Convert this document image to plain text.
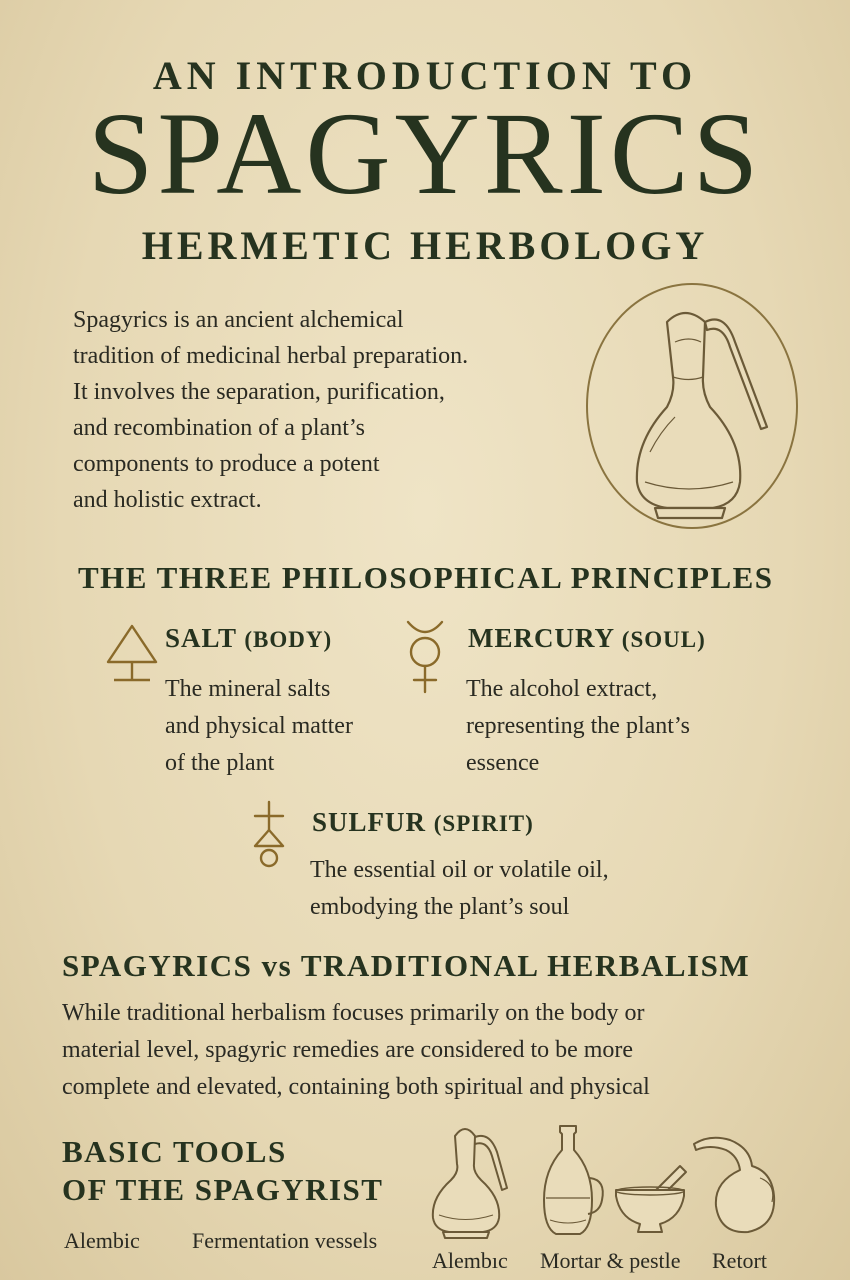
AN INTRODUCTION TO
SPAGYRICS
HERMETIC HERBOLOGY
Spagyrics is an ancient alchemical
tradition of medicinal herbal preparation.
It involves the separation, purification,
and recombination of a plant’s
components to produce a potent
and holistic extract.
THE THREE PHILOSOPHICAL PRINCIPLES
SALT (BODY)
The mineral salts
and physical matter
of the plant
MERCURY (SOUL)
The alcohol extract,
representing the plant’s
essence
SULFUR (SPIRIT)
The essential oil or volatile oil,
embodying the plant’s soul
SPAGYRICS vs TRADITIONAL HERBALISM
While traditional herbalism focuses primarily on the body or
material level, spagyric remedies are considered to be more
complete and elevated, containing both spiritual and physical
BASIC TOOLS
OF THE SPAGYRIST
Alembic Fermentation vessels
Alembıc Mortar & pestle Retort
